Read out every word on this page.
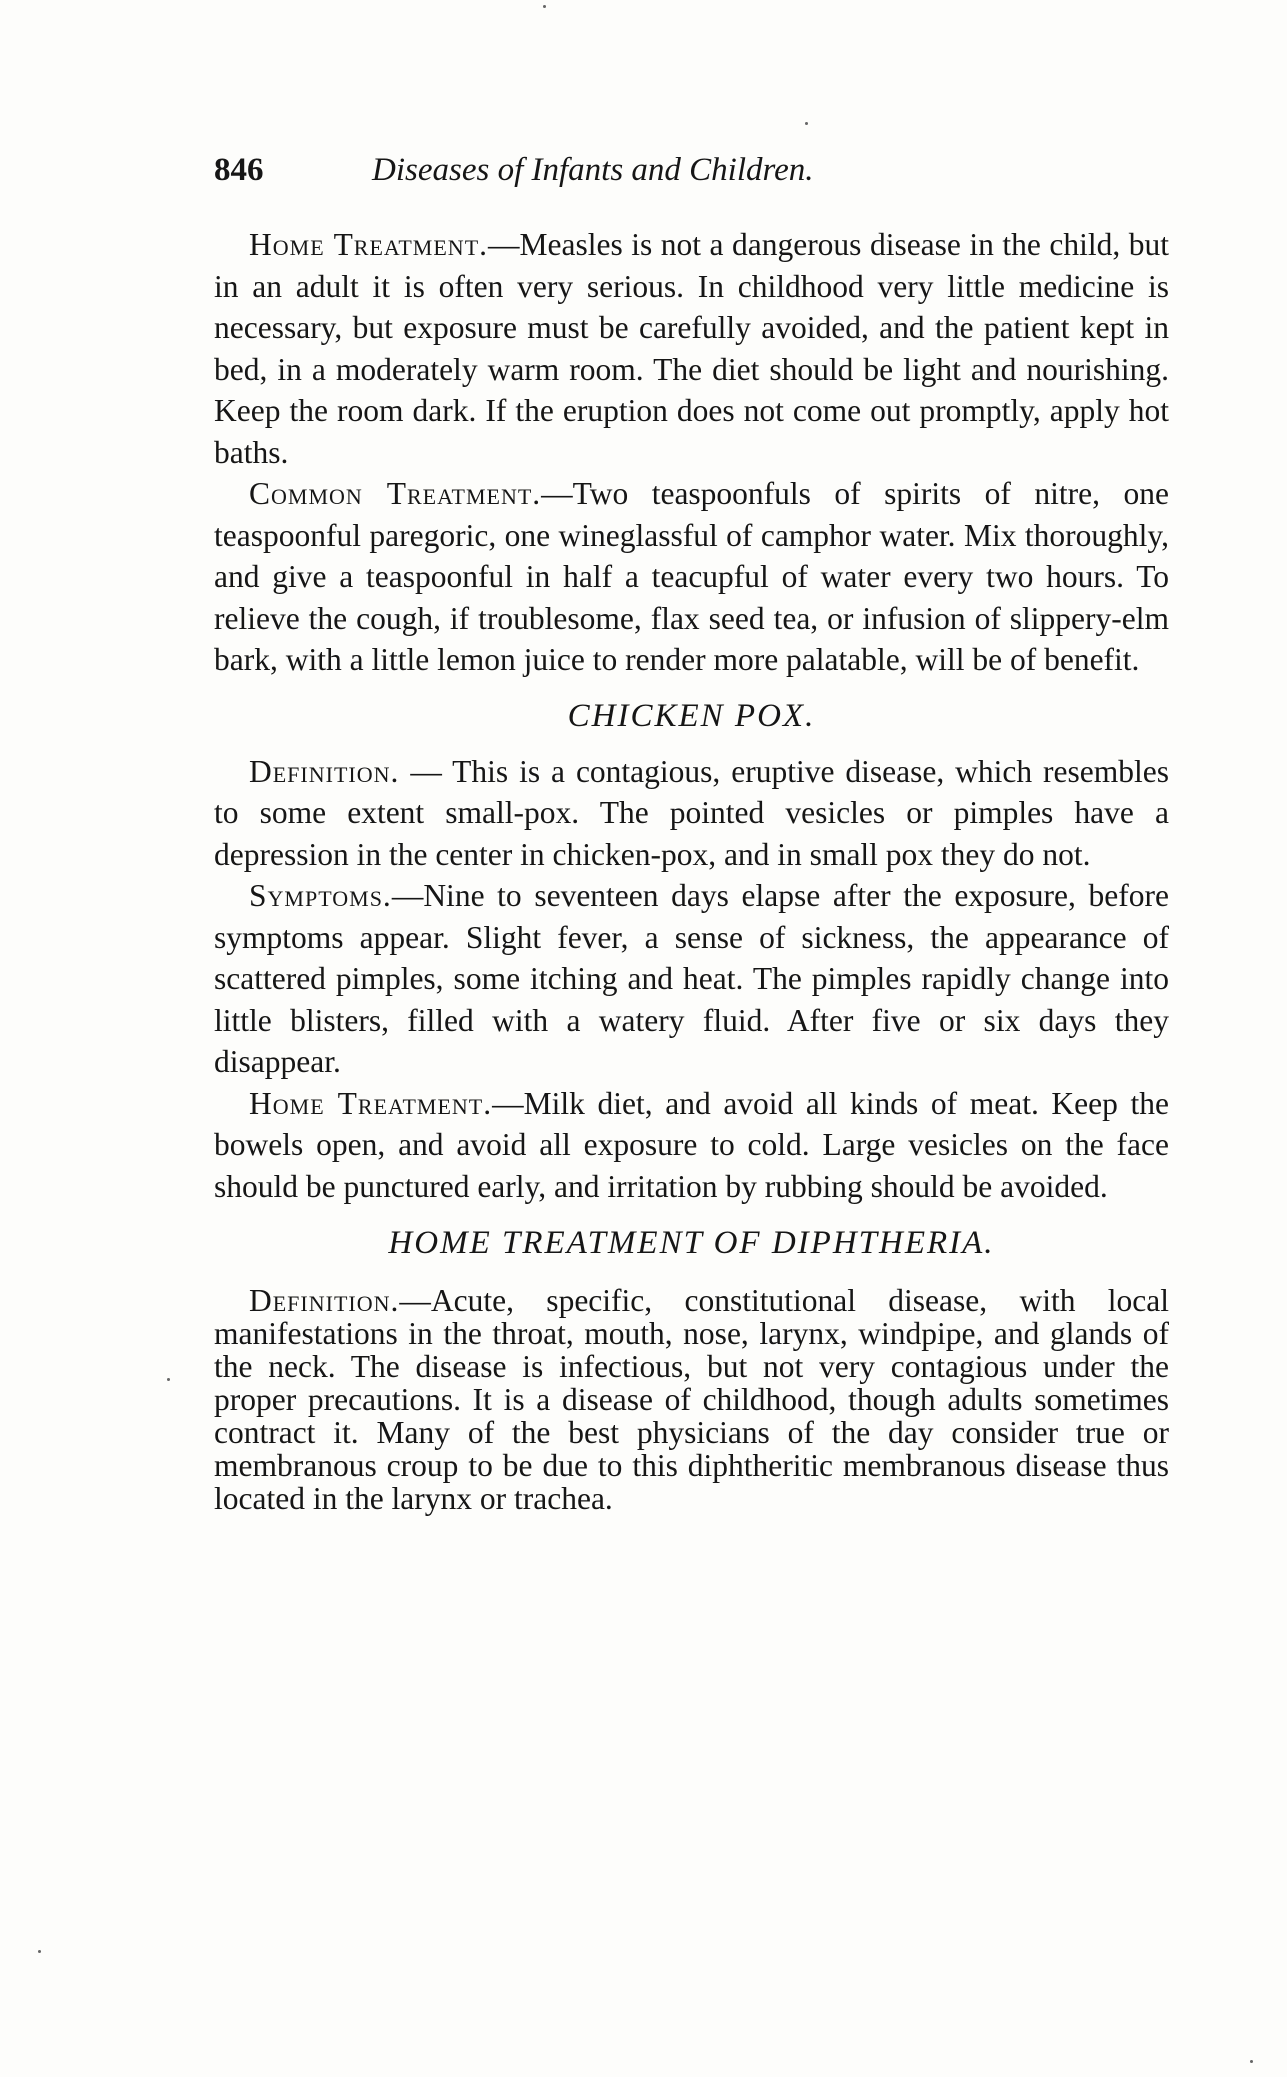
846	Diseases of Infants and Children.

Home Treatment.—Measles is not a dangerous disease in the child, but in an adult it is often very serious. In childhood very little medicine is necessary, but exposure must be carefully avoided, and the patient kept in bed, in a moderately warm room. The diet should be light and nourishing. Keep the room dark. If the eruption does not come out promptly, apply hot baths.

Common Treatment.—Two teaspoonfuls of spirits of nitre, one teaspoonful paregoric, one wineglassful of camphor water. Mix thoroughly, and give a teaspoonful in half a teacupful of water every two hours. To relieve the cough, if troublesome, flax seed tea, or infusion of slippery-elm bark, with a little lemon juice to render more palatable, will be of benefit.

CHICKEN POX.

Definition. — This is a contagious, eruptive disease, which resembles to some extent small-pox. The pointed vesicles or pimples have a depression in the center in chicken-pox, and in small pox they do not.

Symptoms.—Nine to seventeen days elapse after the exposure, before symptoms appear. Slight fever, a sense of sickness, the appearance of scattered pimples, some itching and heat. The pimples rapidly change into little blisters, filled with a watery fluid. After five or six days they disappear.

Home Treatment.—Milk diet, and avoid all kinds of meat. Keep the bowels open, and avoid all exposure to cold. Large vesicles on the face should be punctured early, and irritation by rubbing should be avoided.

HOME TREATMENT OF DIPHTHERIA.

Definition.—Acute, specific, constitutional disease, with local manifestations in the throat, mouth, nose, larynx, windpipe, and glands of the neck. The disease is infectious, but not very contagious under the proper precautions. It is a disease of childhood, though adults sometimes contract it. Many of the best physicians of the day consider true or membranous croup to be due to this diphtheritic membranous disease thus located in the larynx or trachea.
